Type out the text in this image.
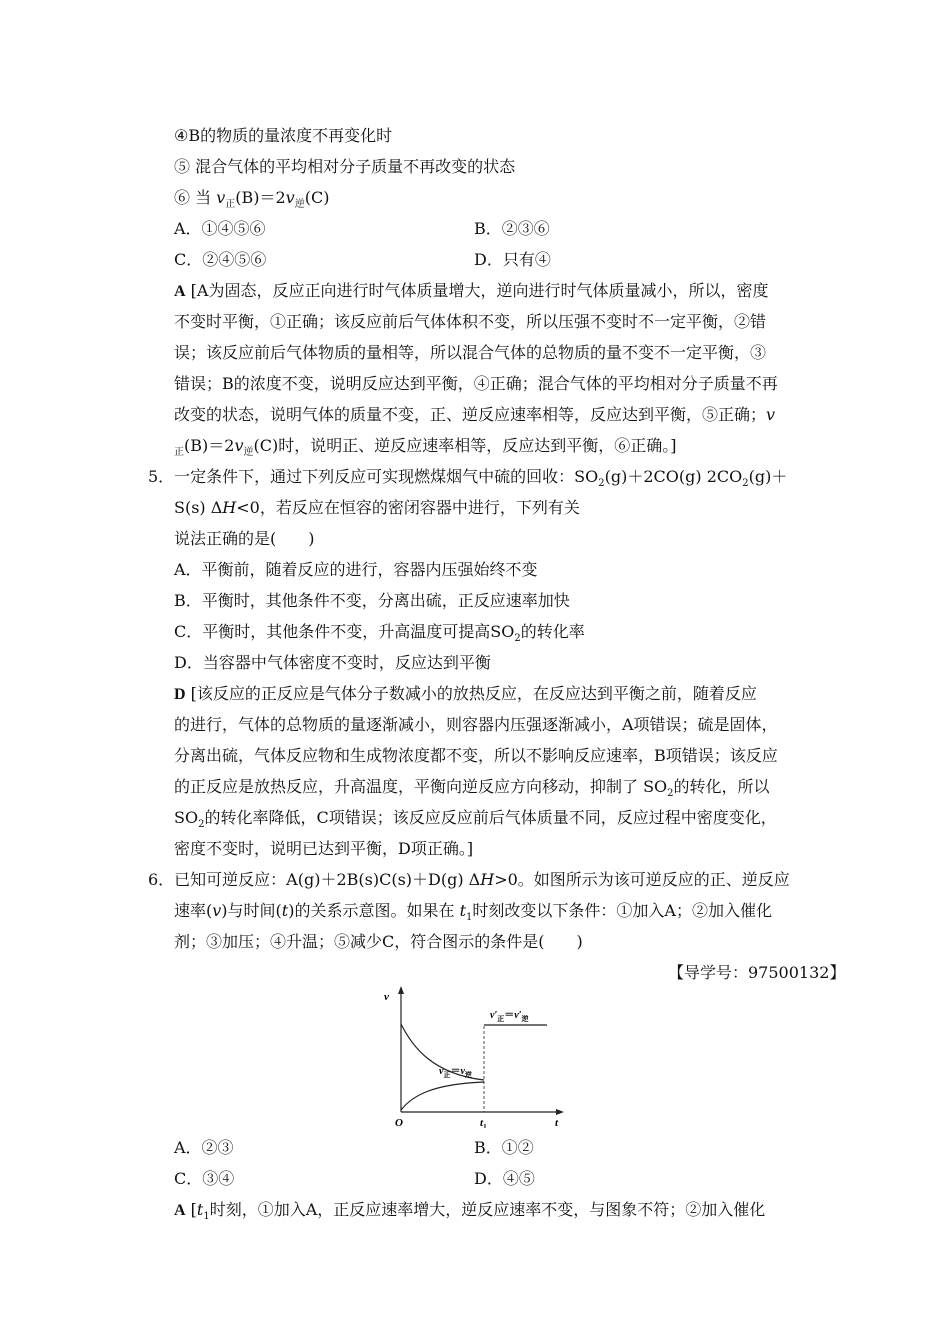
④B的物质的量浓度不再变化时
⑤ 混合气体的平均相对分子质量不再改变的状态
⑥ 当 $v_正(B)=2v_逆(C)$
A．①④⑤⑥	B．②③⑥
C．②④⑤⑥	D．只有④
A [A为固态，反应正向进行时气体质量增大，逆向进行时气体质量减小，所以，密度
不变时平衡，①正确；该反应前后气体体积不变，所以压强不变时不一定平衡，②错
误；该反应前后气体物质的量相等，所以混合气体的总物质的量不变不一定平衡，③
错误；B的浓度不变，说明反应达到平衡，④正确；混合气体的平均相对分子质量不再
改变的状态，说明气体的质量不变，正、逆反应速率相等，反应达到平衡，⑤正确；v
$_正(B)=2v_逆(C)$时，说明正、逆反应速率相等，反应达到平衡，⑥正确。]
5．一定条件下，通过下列反应可实现燃煤烟气中硫的回收：$SO_2(g)+2CO(g)$ $2CO_2(g)+$
S(s) ΔH<0，若反应在恒容的密闭容器中进行，下列有关
说法正确的是(　　)
A．平衡前，随着反应的进行，容器内压强始终不变
B．平衡时，其他条件不变，分离出硫，正反应速率加快
C．平衡时，其他条件不变，升高温度可提高$SO_2$的转化率
D．当容器中气体密度不变时，反应达到平衡
D [该反应的正反应是气体分子数减小的放热反应，在反应达到平衡之前，随着反应
的进行，气体的总物质的量逐渐减小，则容器内压强逐渐减小，A项错误；硫是固体，
分离出硫，气体反应物和生成物浓度都不变，所以不影响反应速率，B项错误；该反应
的正反应是放热反应，升高温度，平衡向逆反应方向移动，抑制了 $SO_2$的转化，所以
$SO_2$的转化率降低，C项错误；该反应反应前后气体质量不同，反应过程中密度变化，
密度不变时，说明已达到平衡，D项正确。]
6．已知可逆反应：A(g)＋2B(s)C(s)＋D(g) ΔH>0。如图所示为该可逆反应的正、逆反应
速率(v)与时间(t)的关系示意图。如果在 $t_1$时刻改变以下条件：①加入A；②加入催化
剂；③加压；④升温；⑤减少C，符合图示的条件是(　　)
【导学号：97500132】
v
t
O
$v_正=v_逆$
$v'_正=v'_逆$
$t_1$
A．②③	B．①②
C．③④	D．④⑤
A [$t_1$时刻，①加入A，正反应速率增大，逆反应速率不变，与图象不符；②加入催化
